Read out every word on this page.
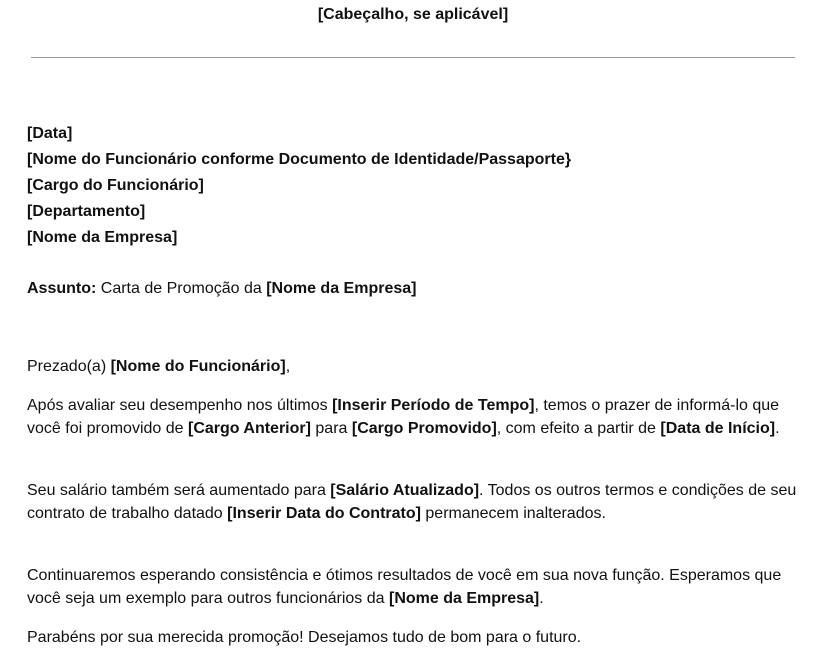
[Cabeçalho, se aplicável]
[Data]
[Nome do Funcionário conforme Documento de Identidade/Passaporte}
[Cargo do Funcionário]
[Departamento]
[Nome da Empresa]
Assunto: Carta de Promoção da [Nome da Empresa]
Prezado(a) [Nome do Funcionário],
Após avaliar seu desempenho nos últimos [Inserir Período de Tempo], temos o prazer de informá-lo que você foi promovido de [Cargo Anterior] para [Cargo Promovido], com efeito a partir de [Data de Início].
Seu salário também será aumentado para [Salário Atualizado]. Todos os outros termos e condições de seu contrato de trabalho datado [Inserir Data do Contrato] permanecem inalterados.
Continuaremos esperando consistência e ótimos resultados de você em sua nova função. Esperamos que você seja um exemplo para outros funcionários da [Nome da Empresa].
Parabéns por sua merecida promoção! Desejamos tudo de bom para o futuro.
